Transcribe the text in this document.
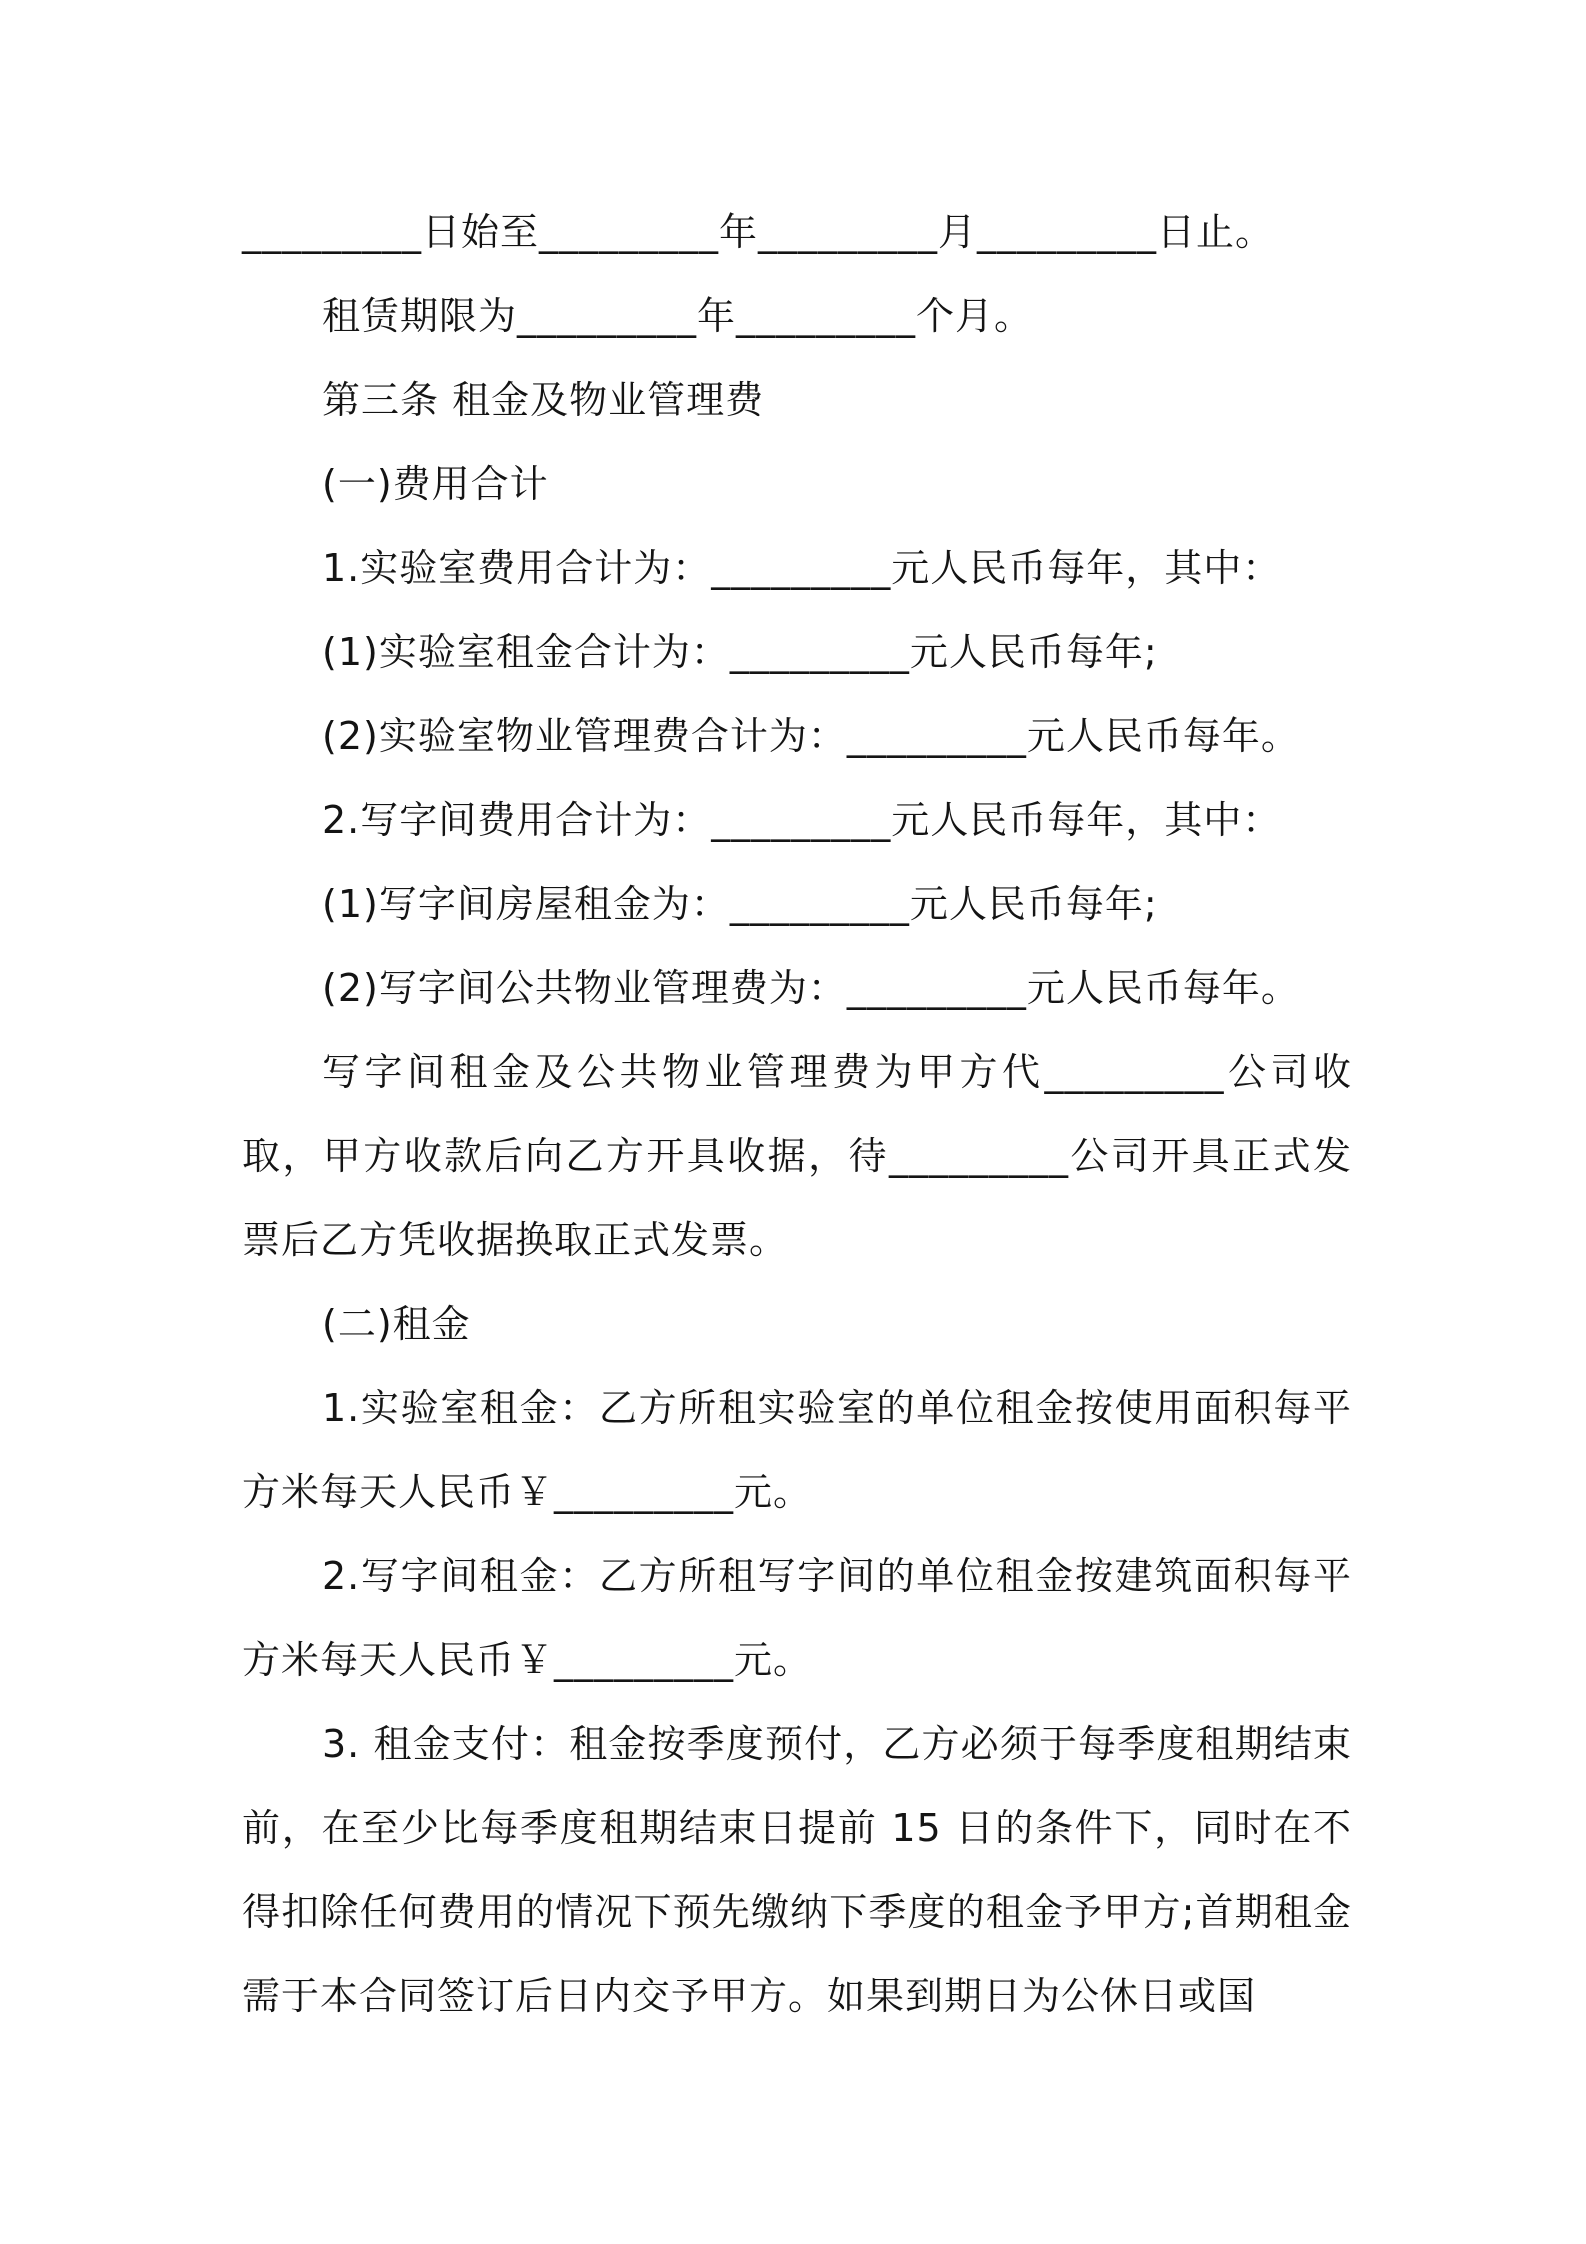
_________日始至_________年_________月_________日止。

租赁期限为_________年_________个月。

第三条 租金及物业管理费

(一)费用合计

1.实验室费用合计为：_________元人民币每年，其中：

(1)实验室租金合计为：_________元人民币每年;

(2)实验室物业管理费合计为：_________元人民币每年。

2.写字间费用合计为：_________元人民币每年，其中：

(1)写字间房屋租金为：_________元人民币每年;

(2)写字间公共物业管理费为：_________元人民币每年。

写字间租金及公共物业管理费为甲方代_________公司收取，甲方收款后向乙方开具收据，待_________公司开具正式发票后乙方凭收据换取正式发票。

(二)租金

1.实验室租金：乙方所租实验室的单位租金按使用面积每平方米每天人民币￥_________元。

2.写字间租金：乙方所租写字间的单位租金按建筑面积每平方米每天人民币￥_________元。

3. 租金支付：租金按季度预付，乙方必须于每季度租期结束前，在至少比每季度租期结束日提前 15 日的条件下，同时在不得扣除任何费用的情况下预先缴纳下季度的租金予甲方;首期租金需于本合同签订后日内交予甲方。如果到期日为公休日或国
